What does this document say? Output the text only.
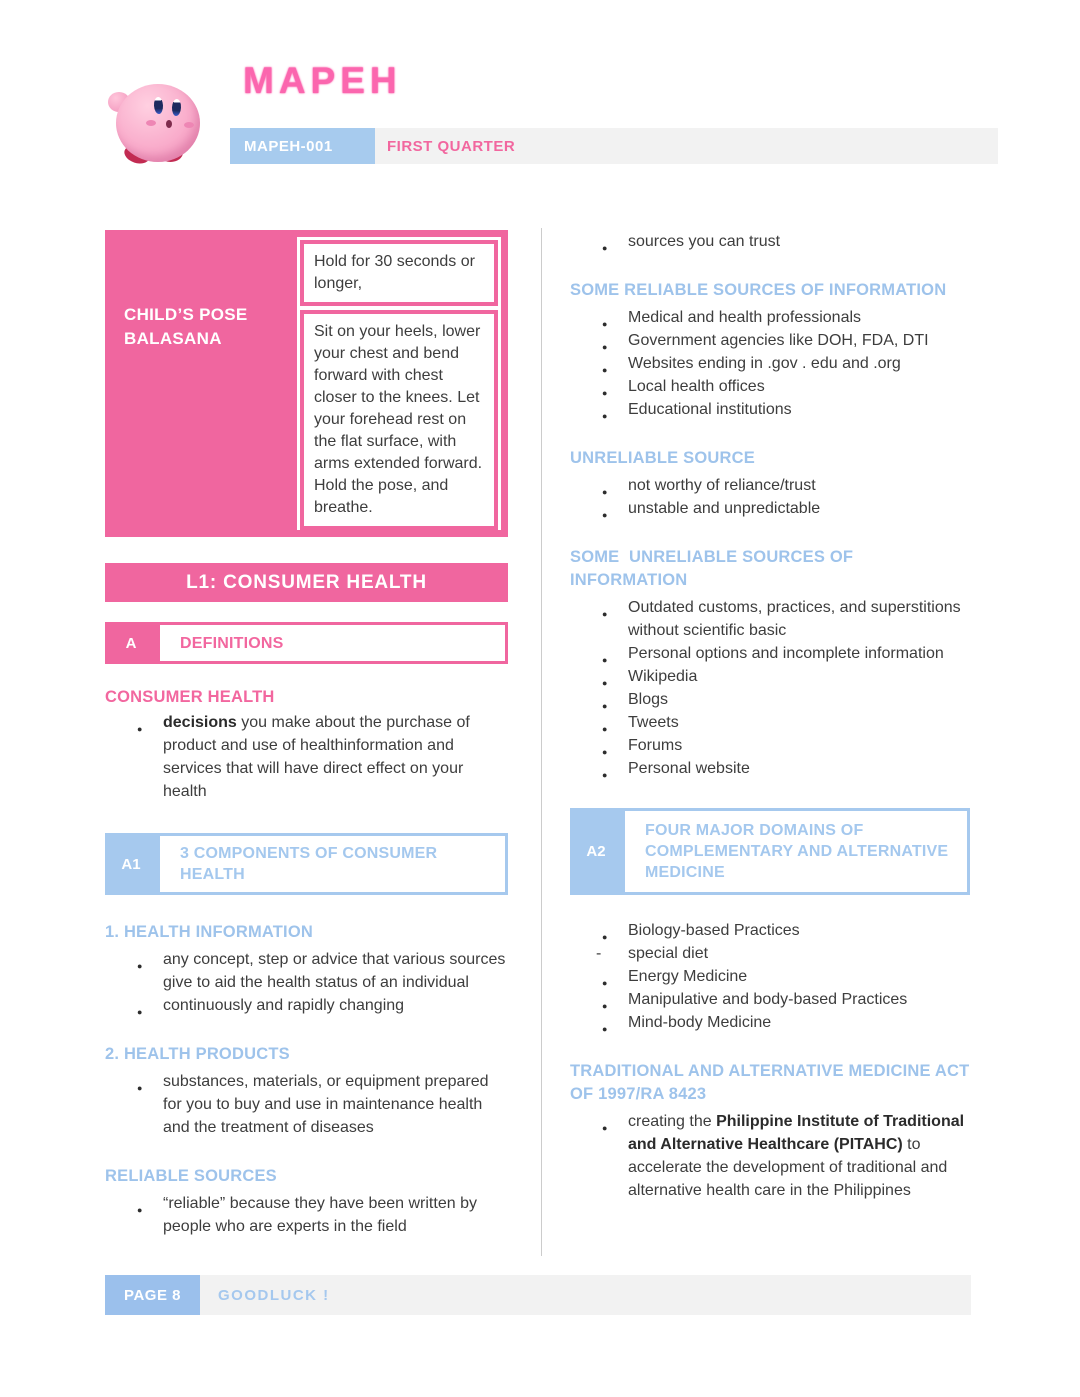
MAPEH
MAPEH-001	FIRST QUARTER
CHILD’S POSE
BALASANA
Hold for 30 seconds or longer,
Sit on your heels, lower your chest and bend forward with chest closer to the knees. Let your forehead rest on the flat surface, with arms extended forward. Hold the pose, and breathe.
L1: CONSUMER HEALTH
A	DEFINITIONS
CONSUMER HEALTH
● decisions you make about the purchase of product and use of healthinformation and services that will have direct effect on your health
A1
3 COMPONENTS OF CONSUMER HEALTH
1. HEALTH INFORMATION
● any concept, step or advice that various sources give to aid the health status of an individual
● continuously and rapidly changing
2. HEALTH PRODUCTS
● substances, materials, or equipment prepared for you to buy and use in maintenance health and the treatment of diseases
RELIABLE SOURCES
● “reliable” because they have been written by people who are experts in the field
● sources you can trust
SOME RELIABLE SOURCES OF INFORMATION
● Medical and health professionals
● Government agencies like DOH, FDA, DTI
● Websites ending in .gov . edu and .org
● Local health offices
● Educational institutions
UNRELIABLE SOURCE
● not worthy of reliance/trust
● unstable and unpredictable
SOME  UNRELIABLE SOURCES OF INFORMATION
● Outdated customs, practices, and superstitions without scientific basic
● Personal options and incomplete information
● Wikipedia
● Blogs
● Tweets
● Forums
● Personal website
A2
FOUR MAJOR DOMAINS OF COMPLEMENTARY AND ALTERNATIVE MEDICINE
● Biology-based Practices
- special diet
● Energy Medicine
● Manipulative and body-based Practices
● Mind-body Medicine
TRADITIONAL AND ALTERNATIVE MEDICINE ACT OF 1997/RA 8423
● creating the Philippine Institute of Traditional and Alternative Healthcare (PITAHC) to accelerate the development of traditional and alternative health care in the Philippines
PAGE 8	GOODLUCK !
